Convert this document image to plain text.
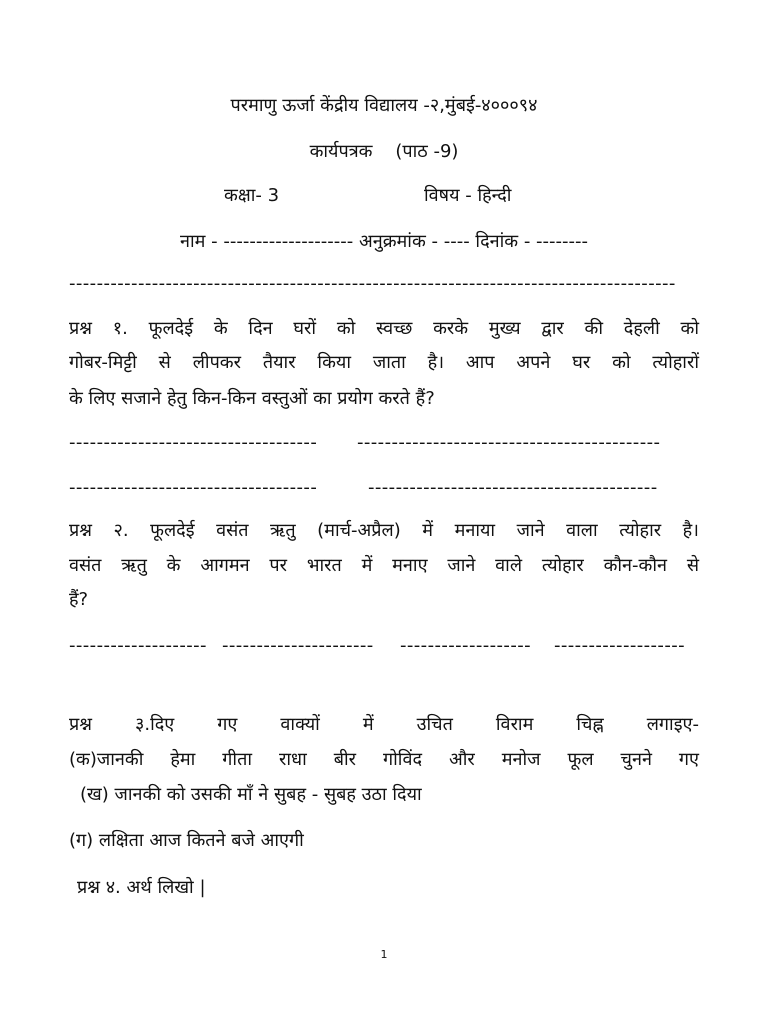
परमाणु ऊर्जा केंद्रीय विद्यालय -२,मुंबई-४०००९४
कार्यपत्रक    (पाठ -9)
कक्षा- 3	विषय - हिन्दी
नाम - -------------------- अनुक्रमांक - ---- दिनांक - --------
----------------------------------------------------------------------------------------
प्रश्न १. फूलदेई के दिन घरों को स्वच्छ करके मुख्य द्वार की देहली को
गोबर-मिट्टी से लीपकर तैयार किया जाता है। आप अपने घर को त्योहारों
के लिए सजाने हेतु किन-किन वस्तुओं का प्रयोग करते हैं?
------------------------------------ --------------------------------------------
------------------------------------	------------------------------------------
प्रश्न २. फूलदेई वसंत ऋतु (मार्च-अप्रैल) में मनाया जाने वाला त्योहार है।
वसंत ऋतु के आगमन पर भारत में मनाए जाने वाले त्योहार कौन-कौन से
हैं?
-------------------- ---------------------- ------------------- -------------------
प्रश्न ३.दिए गए वाक्यों में उचित विराम चिह्न लगाइए-
(क)जानकी हेमा गीता राधा बीर गोविंद और मनोज फूल चुनने गए
(ख) जानकी को उसकी माँ ने सुबह - सुबह उठा दिया
(ग) लक्षिता आज कितने बजे आएगी
प्रश्न ४. अर्थ लिखो |
1
